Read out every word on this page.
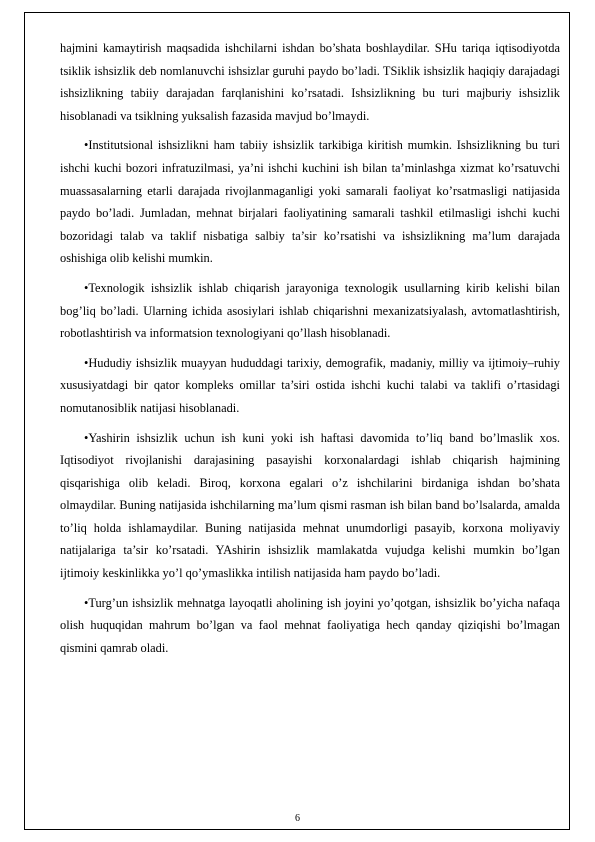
hajmini kamaytirish maqsadida ishchilarni ishdan bo’shata boshlaydilar. SHu tariqa iqtisodiyotda tsiklik ishsizlik deb nomlanuvchi ishsizlar guruhi paydo bo’ladi. TSiklik ishsizlik haqiqiy darajadagi ishsizlikning tabiiy darajadan farqlanishini ko’rsatadi. Ishsizlikning bu turi majburiy ishsizlik hisoblanadi va tsiklning yuksalish fazasida mavjud bo’lmaydi.

•Institutsional ishsizlikni ham tabiiy ishsizlik tarkibiga kiritish mumkin. Ishsizlikning bu turi ishchi kuchi bozori infratuzilmasi, ya’ni ishchi kuchini ish bilan ta’minlashga xizmat ko’rsatuvchi muassasalarning etarli darajada rivojlanmaganligi yoki samarali faoliyat ko’rsatmasligi natijasida paydo bo’ladi. Jumladan, mehnat birjalari faoliyatining samarali tashkil etilmasligi ishchi kuchi bozoridagi talab va taklif nisbatiga salbiy ta’sir ko’rsatishi va ishsizlikning ma’lum darajada oshishiga olib kelishi mumkin.

•Texnologik ishsizlik ishlab chiqarish jarayoniga texnologik usullarning kirib kelishi bilan bog’liq bo’ladi. Ularning ichida asosiylari ishlab chiqarishni mexanizatsiyalash, avtomatlashtirish, robotlashtirish va informatsion texnologiyani qo’llash hisoblanadi.

•Hududiy ishsizlik muayyan hududdagi tarixiy, demografik, madaniy, milliy va ijtimoiy–ruhiy xususiyatdagi bir qator kompleks omillar ta’siri ostida ishchi kuchi talabi va taklifi o’rtasidagi nomutanosiblik natijasi hisoblanadi.

•Yashirin ishsizlik uchun ish kuni yoki ish haftasi davomida to’liq band bo’lmaslik xos. Iqtisodiyot rivojlanishi darajasining pasayishi korxonalardagi ishlab chiqarish hajmining qisqarishiga olib keladi. Biroq, korxona egalari o’z ishchilarini birdaniga ishdan bo’shata olmaydilar. Buning natijasida ishchilarning ma’lum qismi rasman ish bilan band bo’lsalarda, amalda to’liq holda ishlamaydilar. Buning natijasida mehnat unumdorligi pasayib, korxona moliyaviy natijalariga ta’sir ko’rsatadi. YAshirin ishsizlik mamlakatda vujudga kelishi mumkin bo’lgan ijtimoiy keskinlikka yo’l qo’ymaslikka intilish natijasida ham paydo bo’ladi.

•Turg’un ishsizlik mehnatga layoqatli aholining ish joyini yo’qotgan, ishsizlik bo’yicha nafaqa olish huquqidan mahrum bo’lgan va faol mehnat faoliyatiga hech qanday qiziqishi bo’lmagan qismini qamrab oladi.

6
